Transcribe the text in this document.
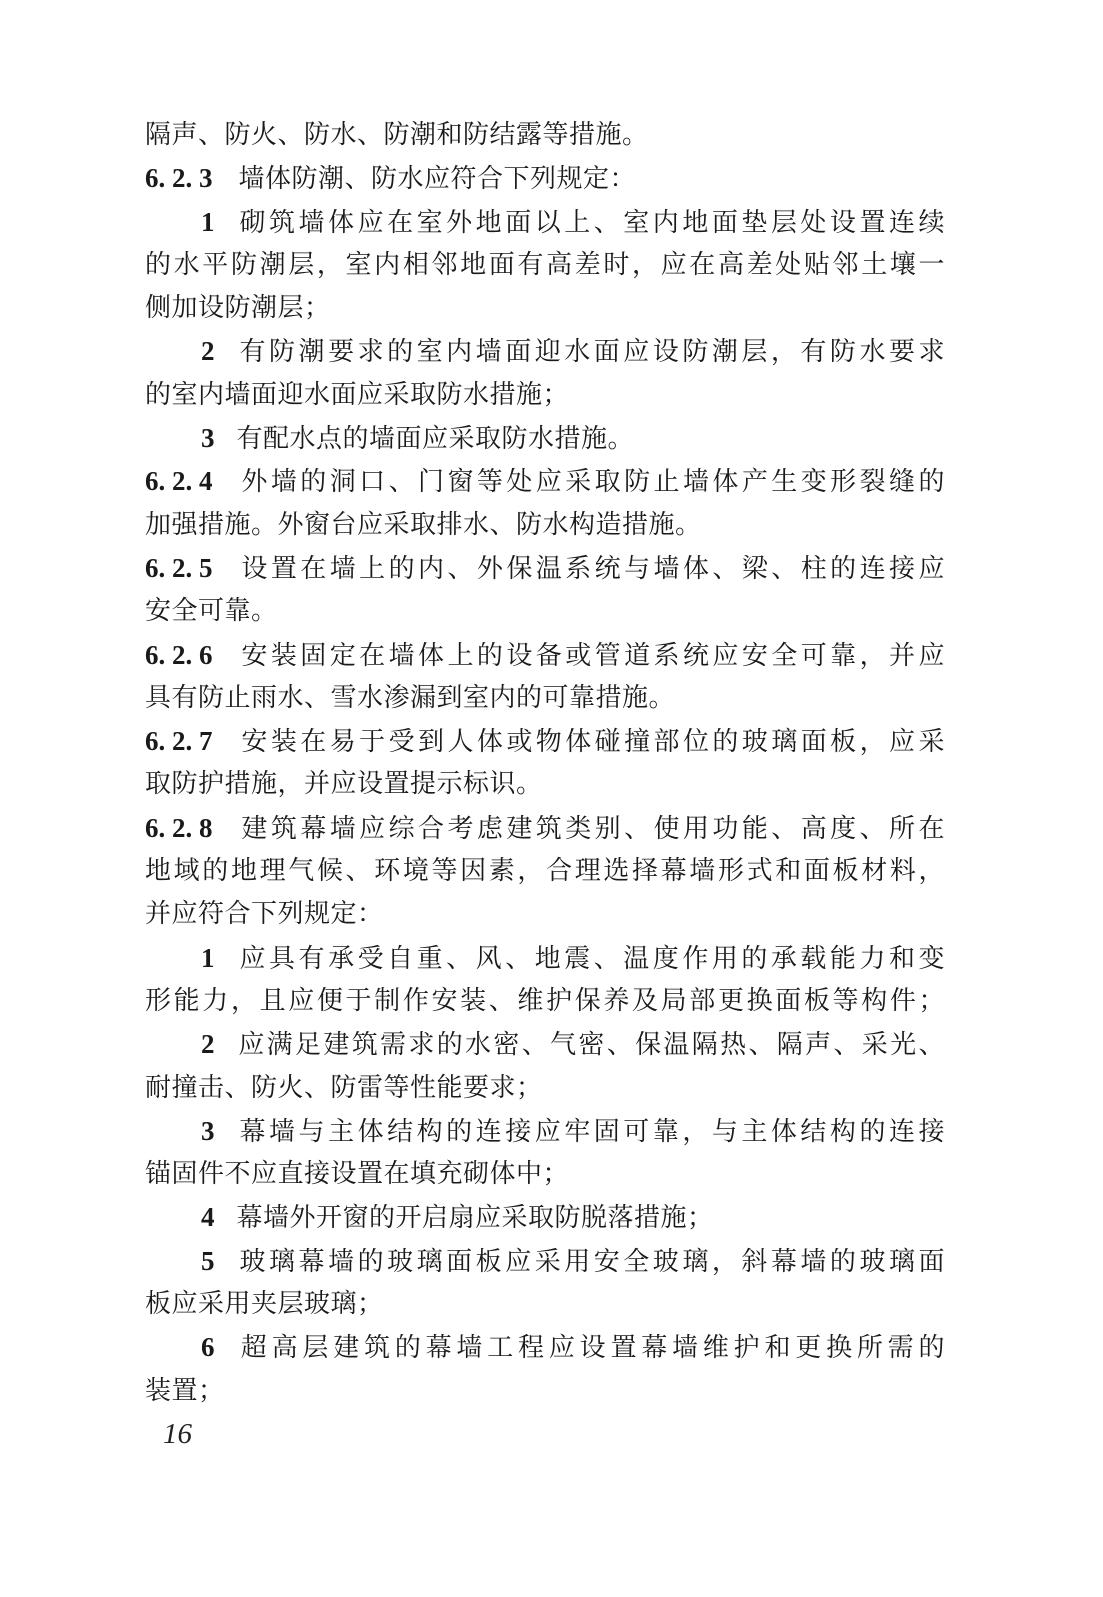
隔声、防火、防水、防潮和防结露等措施。
6. 2. 3 墙体防潮、防水应符合下列规定：
1 砌筑墙体应在室外地面以上、室内地面垫层处设置连续
的水平防潮层，室内相邻地面有高差时，应在高差处贴邻土壤一
侧加设防潮层；
2 有防潮要求的室内墙面迎水面应设防潮层，有防水要求
的室内墙面迎水面应采取防水措施；
3 有配水点的墙面应采取防水措施。
6. 2. 4 外墙的洞口、门窗等处应采取防止墙体产生变形裂缝的
加强措施。外窗台应采取排水、防水构造措施。
6. 2. 5 设置在墙上的内、外保温系统与墙体、梁、柱的连接应
安全可靠。
6. 2. 6 安装固定在墙体上的设备或管道系统应安全可靠，并应
具有防止雨水、雪水渗漏到室内的可靠措施。
6. 2. 7 安装在易于受到人体或物体碰撞部位的玻璃面板，应采
取防护措施，并应设置提示标识。
6. 2. 8 建筑幕墙应综合考虑建筑类别、使用功能、高度、所在
地域的地理气候、环境等因素，合理选择幕墙形式和面板材料，
并应符合下列规定：
1 应具有承受自重、风、地震、温度作用的承载能力和变
形能力，且应便于制作安装、维护保养及局部更换面板等构件；
2 应满足建筑需求的水密、气密、保温隔热、隔声、采光、
耐撞击、防火、防雷等性能要求；
3 幕墙与主体结构的连接应牢固可靠，与主体结构的连接
锚固件不应直接设置在填充砌体中；
4 幕墙外开窗的开启扇应采取防脱落措施；
5 玻璃幕墙的玻璃面板应采用安全玻璃，斜幕墙的玻璃面
板应采用夹层玻璃；
6 超高层建筑的幕墙工程应设置幕墙维护和更换所需的
装置；
16
